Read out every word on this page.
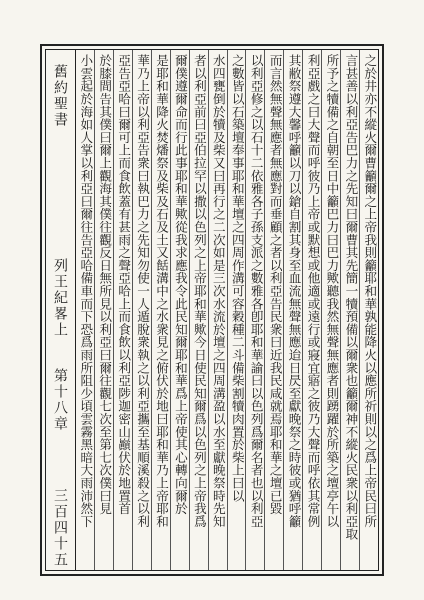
舊約聖書
列王紀畧上
第十八章
三百四十五
之於井亦不縱火爾曹籲爾之上帝我則籲耶和華孰能降火以應所祈則以之爲上帝民曰所
言甚善以利亞告巴力之先知曰爾曹其先簡一犢預備以爾衆也籲爾神不縱火民衆以利亞取
所予之犢備之自朝至日中籲巴力曰巴力歟聽我然無聲無應者則踴躍於所築之壇亭午以
利亞戲之曰大聲而呼彼乃上帝或默想或他適或遠行或寢宜寤之彼乃大聲而呼依其常例
其敝祭遵大馨呼籲以刀以鎗自割其身至血流無聲無應迨日昃至獻晚祭之時彼或猶呼籲
而言然無聲無應者無應對而垂顧之者以利亞告民衆曰近我民咸就焉耶和華之壇已毀
以利亞修之以石十二依雅各子孫支派之數雅各卽耶和華諭曰以色列爲爾名者也以利亞
之數皆以石築壇奉事耶和華壇之四周作溝可容穀種二斗備柴割犢肉置於柴上曰以
水四甕倒於犢及柴又曰再行之二次如是三次水流於壇之四周溝盈以水至獻晚祭時先知
者以利亞前曰亞伯拉罕以撒以色列之上帝耶和華歟今日使民知爾爲以色列之上帝我爲
爾僕遵爾命而行此事耶和華歟從我求應我令此民知爾耶和華爲上帝使其心轉向爾於
是耶和華降火焚燔祭及柴及石及土又餂溝中之水衆見之俯伏於地曰耶和華乃上帝耶和
華乃上帝以利亞告衆曰執巴力之先知勿使一人遁脫衆執之以利亞攜至基順溪殺之以利
亞告亞哈曰爾可上而食飲蓋有甚雨之聲亞哈上而食飲以利亞陟迦密山巓伏於地置首
於膝間告其僕曰爾上觀海其僕往觀反日無所見以利亞曰爾往觀七次至第七次僕曰見
小雲起於海如人掌以利亞曰爾往告亞哈備車而下恐爲雨所阻少頃雲霧黑暗大雨沛然下
